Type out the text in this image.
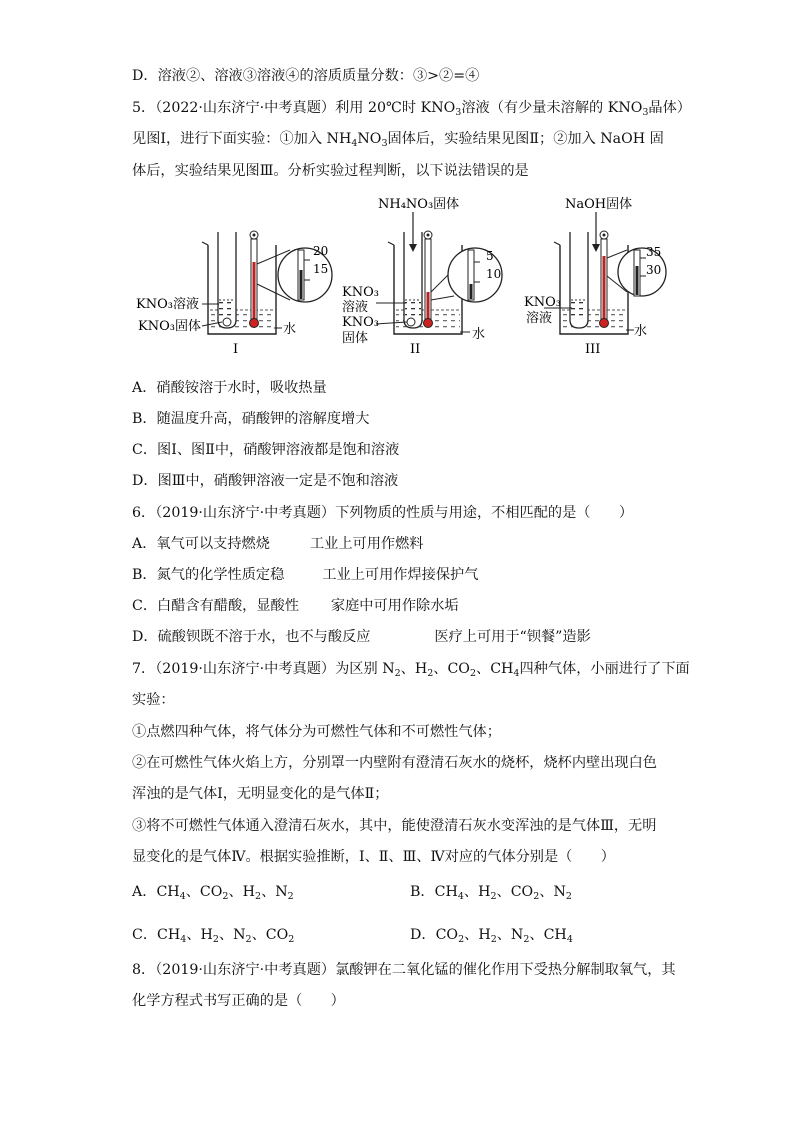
D．溶液②、溶液③溶液④的溶质质量分数：③>②=④
5．（2022·山东济宁·中考真题）利用 20℃时 $KNO_3$溶液（有少量未溶解的 $KNO_3$晶体）
见图Ⅰ，进行下面实验：①加入 $NH_4NO_3$固体后，实验结果见图Ⅱ；②加入 NaOH 固
体后，实验结果见图Ⅲ。分析实验过程判断，以下说法错误的是
20
15
KNO₃溶液
KNO₃固体	水
I
NH₄NO₃固体
5
10
KNO₃
溶液
KNO₃
固体	水
II
NaOH固体
35
30
KNO₃
溶液
水
III
A．硝酸铵溶于水时，吸收热量
B．随温度升高，硝酸钾的溶解度增大
C．图Ⅰ、图Ⅱ中，硝酸钾溶液都是饱和溶液
D．图Ⅲ中，硝酸钾溶液一定是不饱和溶液
6．（2019·山东济宁·中考真题）下列物质的性质与用途，不相匹配的是（　　）
A．氧气可以支持燃烧	工业上可用作燃料
B．氮气的化学性质定稳	工业上可用作焊接保护气
C．白醋含有醋酸，显酸性 家庭中可用作除水垢
D．硫酸钡既不溶于水，也不与酸反应	医疗上可用于“钡餐”造影
7．（2019·山东济宁·中考真题）为区别 $N_2$、$H_2$、$CO_2$、$CH_4$四种气体，小丽进行了下面
实验：
①点燃四种气体，将气体分为可燃性气体和不可燃性气体；
②在可燃性气体火焰上方，分别罩一内壁附有澄清石灰水的烧杯，烧杯内壁出现白色
浑浊的是气体Ⅰ，无明显变化的是气体Ⅱ；
③将不可燃性气体通入澄清石灰水，其中，能使澄清石灰水变浑浊的是气体Ⅲ，无明
显变化的是气体Ⅳ。根据实验推断，Ⅰ、Ⅱ、Ⅲ、Ⅳ对应的气体分别是（　　）
A．$CH_4$、$CO_2$、$H_2$、$N_2$	B．$CH_4$、$H_2$、$CO_2$、$N_2$
C．$CH_4$、$H_2$、$N_2$、$CO_2$	D．$CO_2$、$H_2$、$N_2$、$CH_4$
8．（2019·山东济宁·中考真题）氯酸钾在二氧化锰的催化作用下受热分解制取氧气，其
化学方程式书写正确的是（　　）
